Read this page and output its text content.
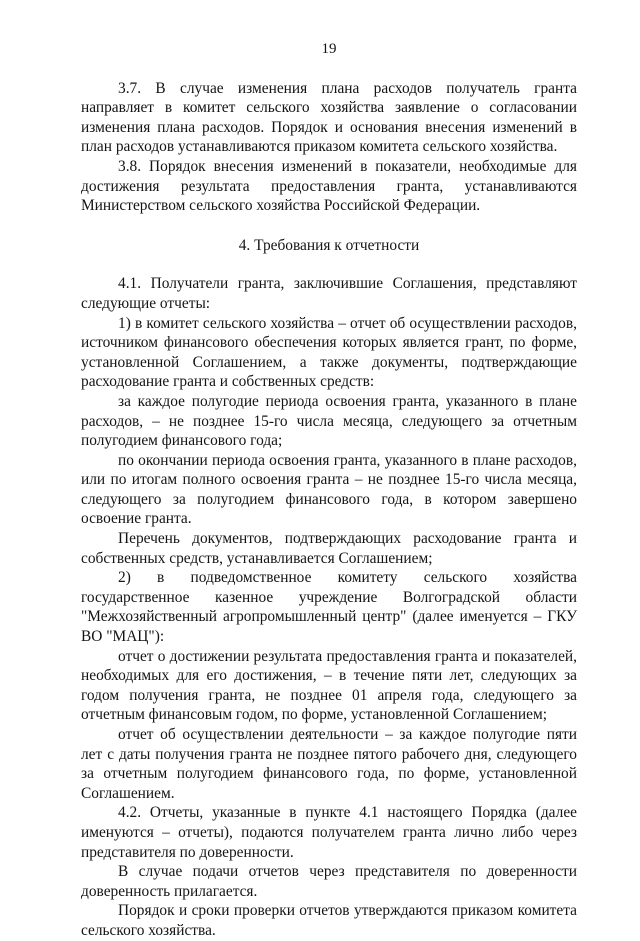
19

3.7. В случае изменения плана расходов получатель гранта направляет в комитет сельского хозяйства заявление о согласовании изменения плана расходов. Порядок и основания внесения изменений в план расходов устанавливаются приказом комитета сельского хозяйства.

3.8. Порядок внесения изменений в показатели, необходимые для достижения результата предоставления гранта, устанавливаются Министерством сельского хозяйства Российской Федерации.

4. Требования к отчетности

4.1. Получатели гранта, заключившие Соглашения, представляют следующие отчеты:

1) в комитет сельского хозяйства – отчет об осуществлении расходов, источником финансового обеспечения которых является грант, по форме, установленной Соглашением, а также документы, подтверждающие расходование гранта и собственных средств:

за каждое полугодие периода освоения гранта, указанного в плане расходов, – не позднее 15-го числа месяца, следующего за отчетным полугодием финансового года;

по окончании периода освоения гранта, указанного в плане расходов, или по итогам полного освоения гранта – не позднее 15-го числа месяца, следующего за полугодием финансового года, в котором завершено освоение гранта.

Перечень документов, подтверждающих расходование гранта и собственных средств, устанавливается Соглашением;

2) в подведомственное комитету сельского хозяйства государственное казенное учреждение Волгоградской области "Межхозяйственный агропромышленный центр" (далее именуется – ГКУ ВО "МАЦ"):

отчет о достижении результата предоставления гранта и показателей, необходимых для его достижения, – в течение пяти лет, следующих за годом получения гранта, не позднее 01 апреля года, следующего за отчетным финансовым годом, по форме, установленной Соглашением;

отчет об осуществлении деятельности – за каждое полугодие пяти лет с даты получения гранта не позднее пятого рабочего дня, следующего за отчетным полугодием финансового года, по форме, установленной Соглашением.

4.2. Отчеты, указанные в пункте 4.1 настоящего Порядка (далее именуются – отчеты), подаются получателем гранта лично либо через представителя по доверенности.

В случае подачи отчетов через представителя по доверенности доверенность прилагается.

Порядок и сроки проверки отчетов утверждаются приказом комитета сельского хозяйства.
